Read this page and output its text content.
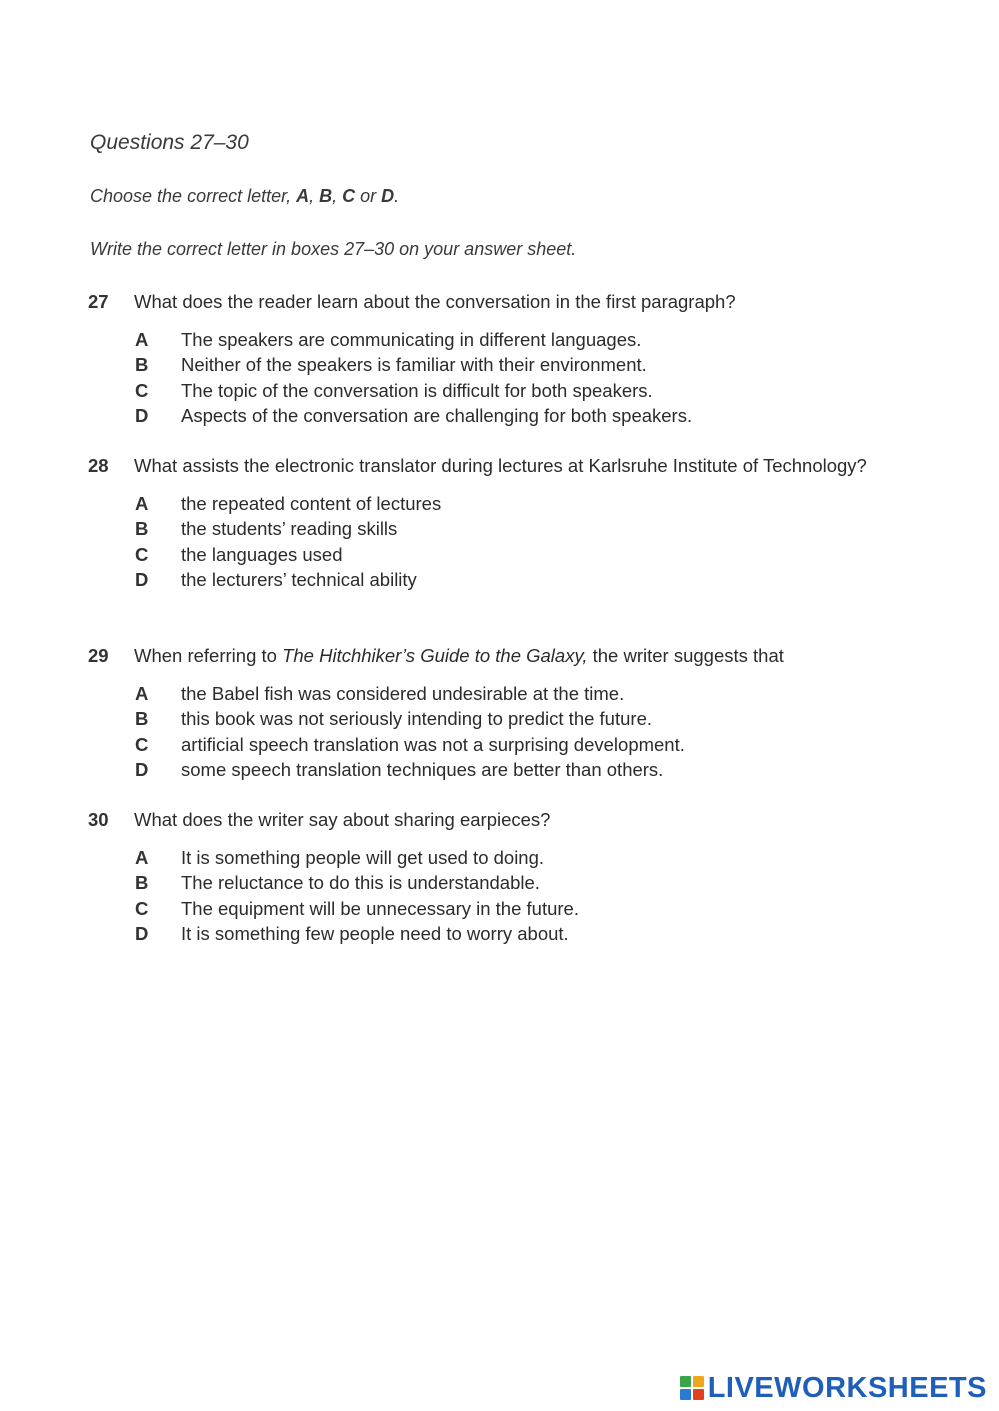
Questions 27–30

Choose the correct letter, A, B, C or D.

Write the correct letter in boxes 27–30 on your answer sheet.

27	What does the reader learn about the conversation in the first paragraph?
A	The speakers are communicating in different languages.
B	Neither of the speakers is familiar with their environment.
C	The topic of the conversation is difficult for both speakers.
D	Aspects of the conversation are challenging for both speakers.
28	What assists the electronic translator during lectures at Karlsruhe Institute of Technology?
A	the repeated content of lectures
B	the students’ reading skills
C	the languages used
D	the lecturers’ technical ability
29	When referring to The Hitchhiker’s Guide to the Galaxy, the writer suggests that
A	the Babel fish was considered undesirable at the time.
B	this book was not seriously intending to predict the future.
C	artificial speech translation was not a surprising development.
D	some speech translation techniques are better than others.
30	What does the writer say about sharing earpieces?
A	It is something people will get used to doing.
B	The reluctance to do this is understandable.
C	The equipment will be unnecessary in the future.
D	It is something few people need to worry about.
LIVEWORKSHEETS
